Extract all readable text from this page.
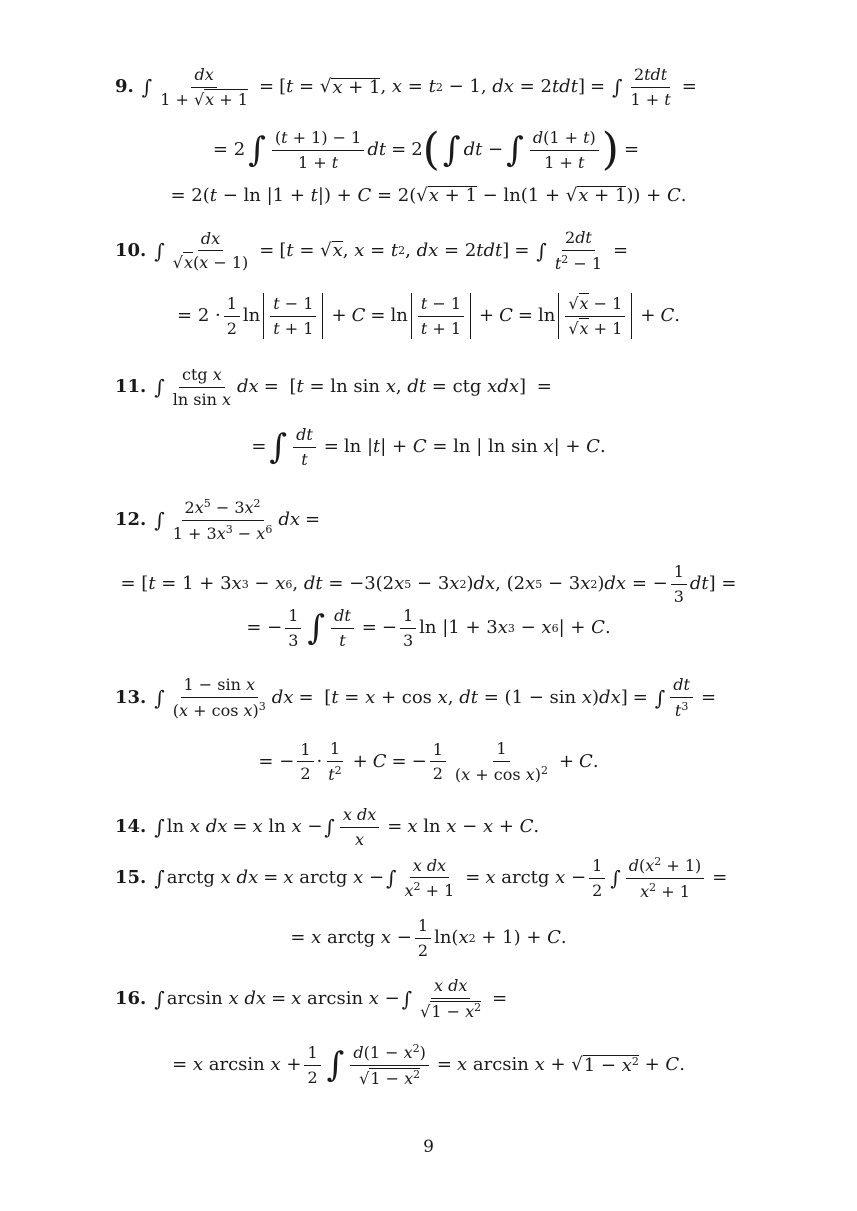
9. ∫ $\frac{dx}{1 + √x + 1}$ = [ t = √ x + 1 , x = t 2 − 1, dx = 2 tdt ] = ∫
2tdt
1 + t
=
= 2 ∫ (t + 1) − 1
1 + t
dt = 2 ( ∫ dt − ∫ d(1 + t)
1 + t ) =
= 2( t − ln |1 + t |) + C = 2(√ x + 1 − ln(1 + √ x + 1 )) + C .
10. ∫ $\frac{dx}{√x(x - 1)}$ = [ t = √ x , x = t 2 , dx = 2 tdt ] = ∫ $\frac{2dt}{t^2 - 1}$ =
= 2 ·
1
2
ln
t − 1
t + 1
+ C = ln
t − 1
t + 1
+ C = ln
√x − 1
√x + 1
+ C .
11. ∫
ctg x
ln sin x
dx = [ t = ln sin x , dt = ctg xdx ] =
= ∫ $\frac{dt}{t} = \ln$ | t | + C = ln | ln sin x | + C .
12. ∫
$2x^5 - 3x^2$
$1 + 3x^3 - x^6$ dx =
= [ t = 1 + 3 x 3 − x 6 , dt = −3(2 x 5 − 3 x 2 ) dx , (2 x 5 − 3 x 2 ) dx = −
1
3
dt ] =
= −
1
3 ∫ $\frac{dt}{t}$ = − $\frac{1}{3}$ ln |1 + 3 x 3 − x 6 | + C .
13. ∫
1 − sin x
$(x + \cos x)^3$ dx = [ t = x + cos x , dt = (1 − sin x ) dx ] = ∫ $\frac{dt}{t^3}$ =
= −
1
2
·
1
$t^2 + C$ = − $\frac{1}{2}$	1
$(x + \cos x)^2 + C$ .
14. ∫ ln x
dx = x ln x − ∫ $\frac{\text{x dx}}{x} = x$ ln x − x + C .
15. ∫ arctg x
dx = x arctg x − ∫ $\frac{\text{x dx}}{x^2 + 1} = x$ arctg x −
1
2 ∫ $\frac{d(x^2 + 1)}{x^2 + 1}$ =
= x arctg x −
1
2
ln( x 2 + 1) + C .
16. ∫ arcsin x
dx = x arcsin x − ∫ $\frac{\text{x dx}}{√1 - x^2}$ =
= x arcsin x +
1
2 ∫ $\frac{d(1 - x^2)}{√1 - x^2} = x$ arcsin x + √ $1 - x^2 + C$ .
9
